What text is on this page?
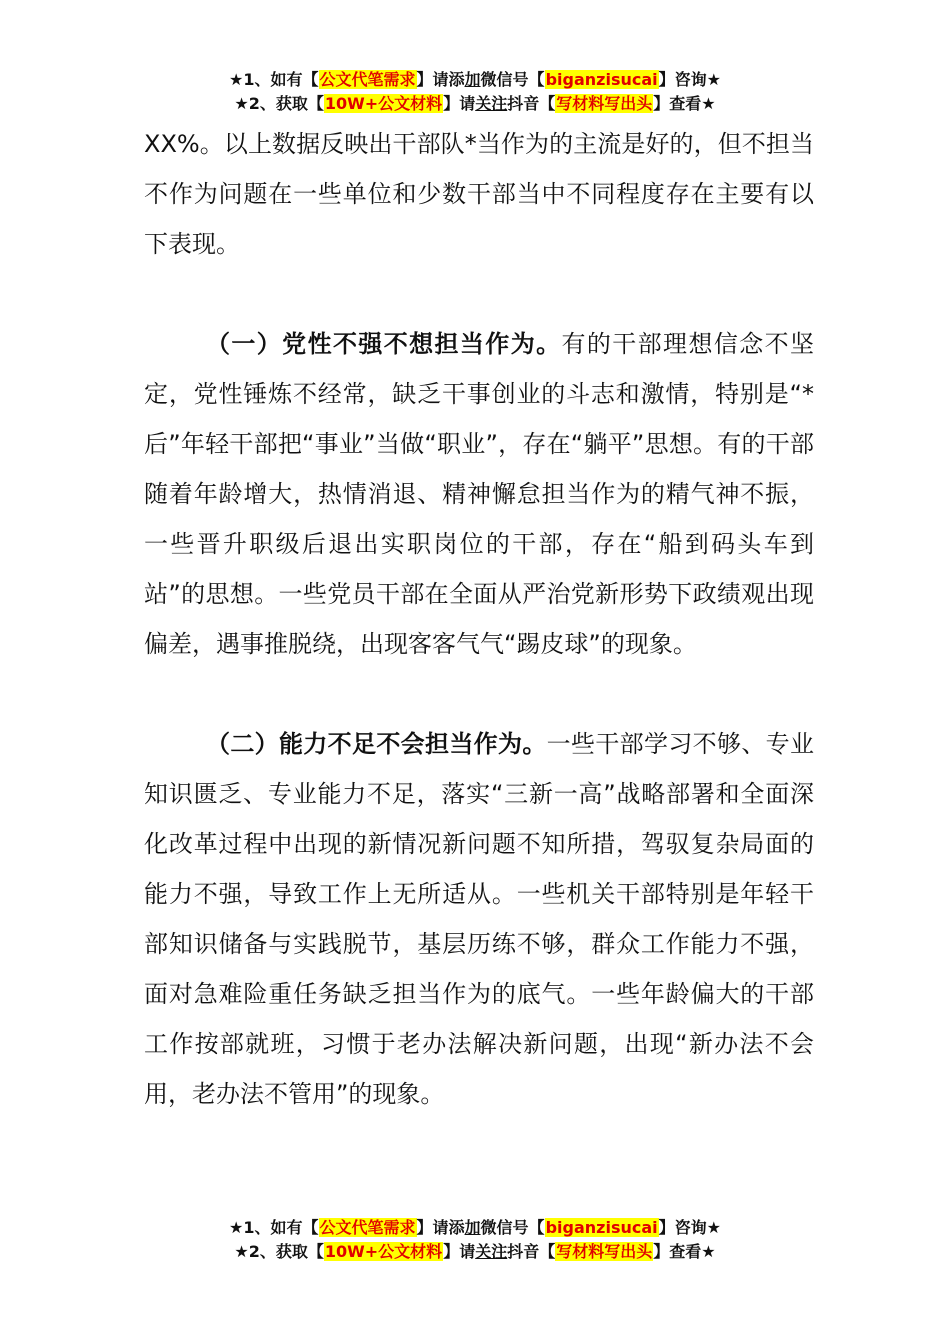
★1、如有【公文代笔需求】请添加微信号【biganzisucai】咨询★
★2、获取【10W+公文材料】请关注抖音【写材料写出头】查看★

XX%。以上数据反映出干部队*当作为的主流是好的，但不担当不作为问题在一些单位和少数干部当中不同程度存在主要有以下表现。

（一）党性不强不想担当作为。有的干部理想信念不坚定，党性锤炼不经常，缺乏干事创业的斗志和激情，特别是“*后”年轻干部把“事业”当做“职业”，存在“躺平”思想。有的干部随着年龄增大，热情消退、精神懈怠担当作为的精气神不振，一些晋升职级后退出实职岗位的干部，存在“船到码头车到站”的思想。一些党员干部在全面从严治党新形势下政绩观出现偏差，遇事推脱绕，出现客客气气“踢皮球”的现象。

（二）能力不足不会担当作为。一些干部学习不够、专业知识匮乏、专业能力不足，落实“三新一高”战略部署和全面深化改革过程中出现的新情况新问题不知所措，驾驭复杂局面的能力不强，导致工作上无所适从。一些机关干部特别是年轻干部知识储备与实践脱节，基层历练不够，群众工作能力不强，面对急难险重任务缺乏担当作为的底气。一些年龄偏大的干部工作按部就班，习惯于老办法解决新问题，出现“新办法不会用，老办法不管用”的现象。

★1、如有【公文代笔需求】请添加微信号【biganzisucai】咨询★
★2、获取【10W+公文材料】请关注抖音【写材料写出头】查看★
